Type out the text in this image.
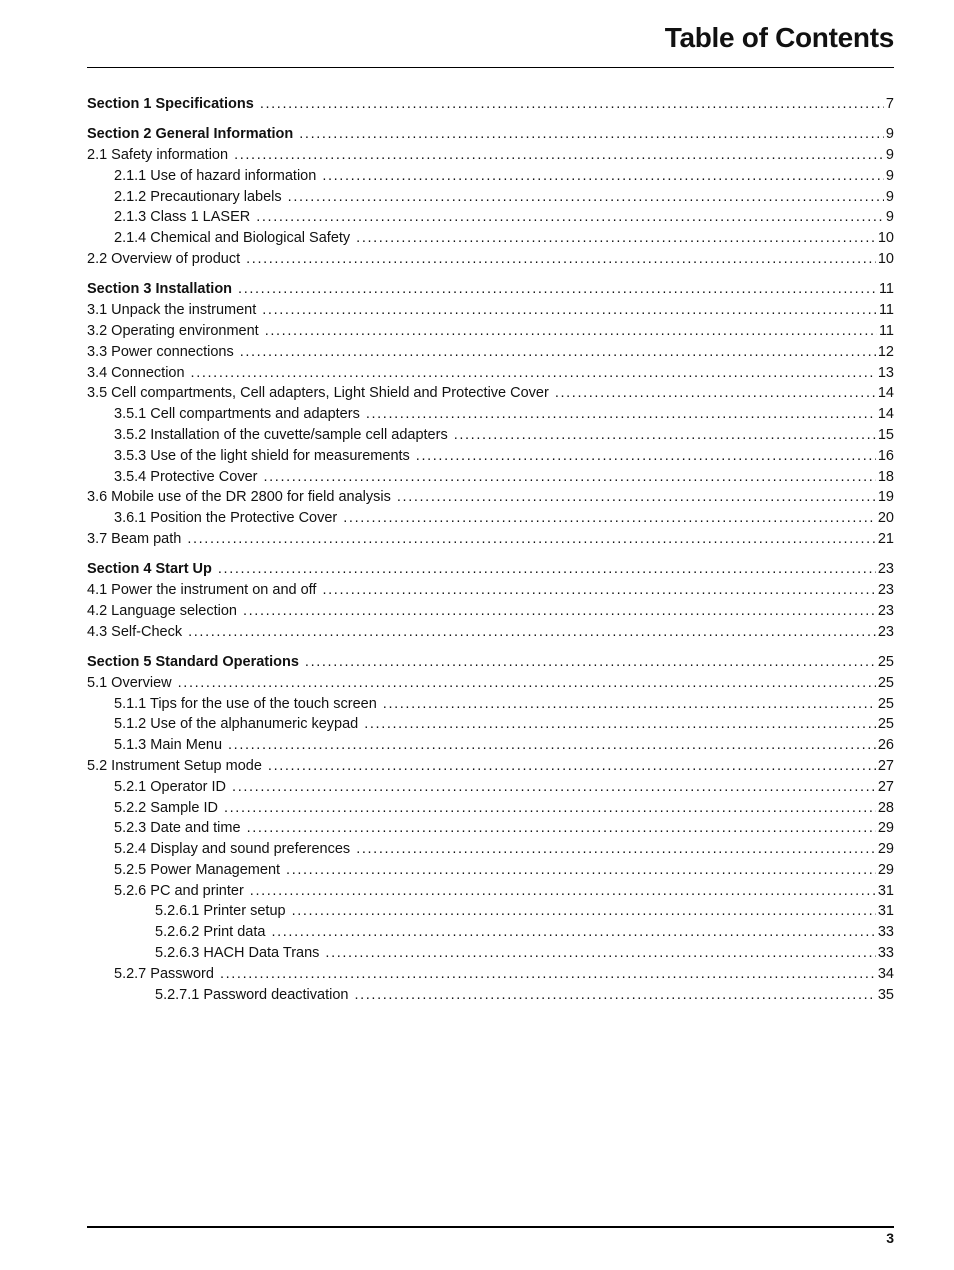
Table of Contents
Section 1 Specifications . . .	7
Section 2 General Information . . .	9
2.1 Safety information . . .	9
2.1.1 Use of hazard information . . .	9
2.1.2 Precautionary labels . . .	9
2.1.3 Class 1 LASER . . .	9
2.1.4 Chemical and Biological Safety . . .	10
2.2 Overview of product . . .	10
Section 3 Installation . . .	11
3.1 Unpack the instrument . . .	11
3.2 Operating environment . . .	11
3.3 Power connections . . .	12
3.4 Connection . . .	13
3.5 Cell compartments, Cell adapters, Light Shield and Protective Cover . . .	14
3.5.1 Cell compartments and adapters . . .	14
3.5.2 Installation of the cuvette/sample cell adapters . . .	15
3.5.3 Use of the light shield for measurements . . .	16
3.5.4 Protective Cover . . .	18
3.6 Mobile use of the DR 2800 for field analysis . . .	19
3.6.1 Position the Protective Cover . . .	20
3.7 Beam path . . .	21
Section 4 Start Up . . .	23
4.1 Power the instrument on and off . . .	23
4.2 Language selection . . .	23
4.3 Self-Check . . .	23
Section 5 Standard Operations . . .	25
5.1 Overview . . .	25
5.1.1 Tips for the use of the touch screen . . .	25
5.1.2 Use of the alphanumeric keypad . . .	25
5.1.3 Main Menu . . .	26
5.2 Instrument Setup mode . . .	27
5.2.1 Operator ID . . .	27
5.2.2 Sample ID . . .	28
5.2.3 Date and time . . .	29
5.2.4 Display and sound preferences . . .	29
5.2.5 Power Management . . .	29
5.2.6 PC and printer . . .	31
5.2.6.1 Printer setup . . .	31
5.2.6.2 Print data . . .	33
5.2.6.3 HACH Data Trans . . .	33
5.2.7 Password . . .	34
5.2.7.1 Password deactivation . . .	35
3
